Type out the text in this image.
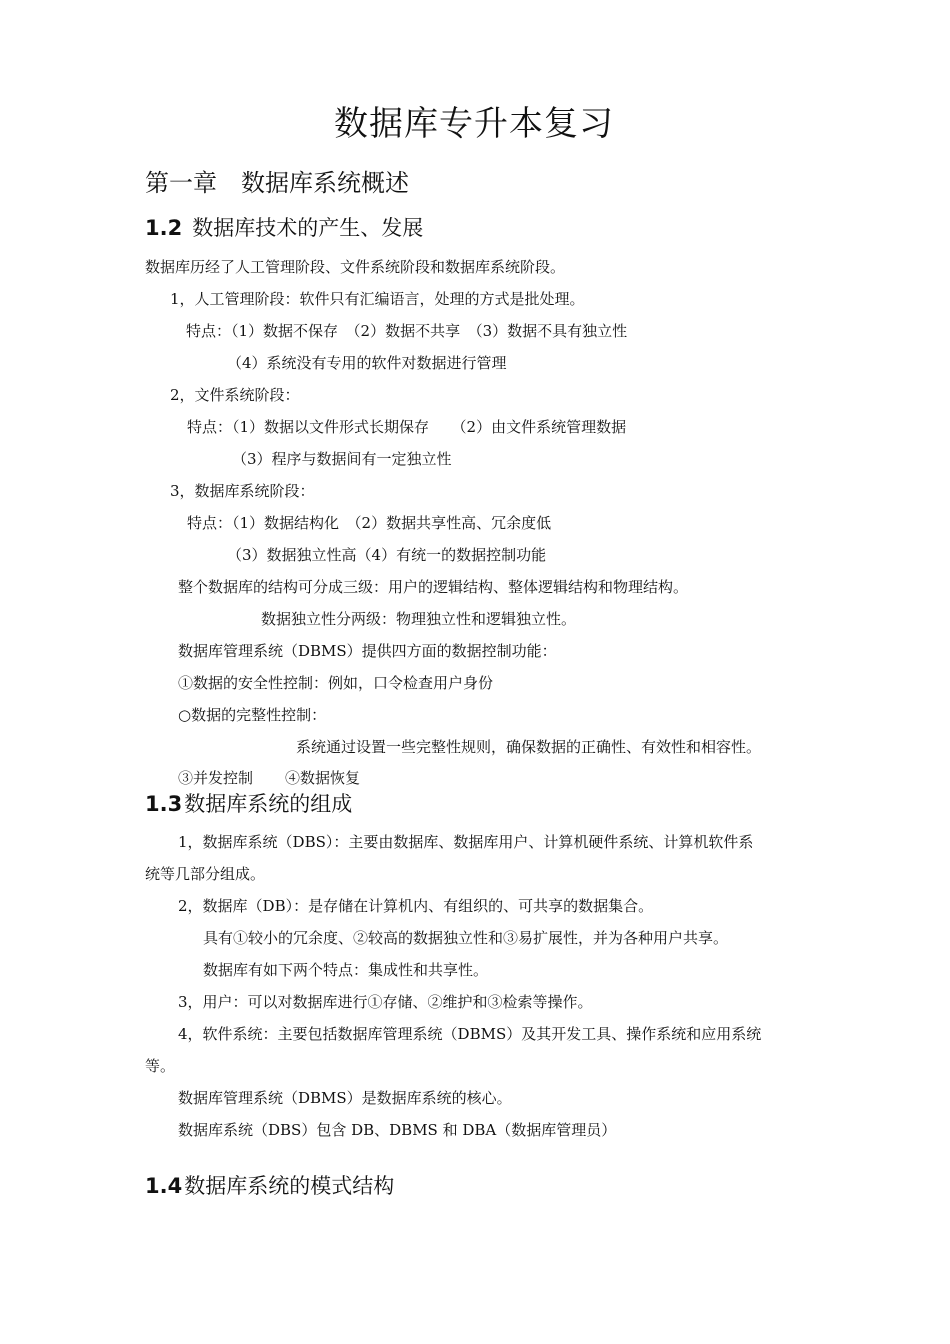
数据库专升本复习
第一章　数据库系统概述
1.2 数据库技术的产生、发展
数据库历经了人工管理阶段、文件系统阶段和数据库系统阶段。
1，人工管理阶段：软件只有汇编语言，处理的方式是批处理。
特点：（1）数据不保存　（2）数据不共享　（3）数据不具有独立性
（4）系统没有专用的软件对数据进行管理
2，文件系统阶段：
特点：（1）数据以文件形式长期保存　　（2）由文件系统管理数据
（3）程序与数据间有一定独立性
3，数据库系统阶段：
特点：（1）数据结构化　（2）数据共享性高、冗余度低
（3）数据独立性高（4）有统一的数据控制功能
整个数据库的结构可分成三级：用户的逻辑结构、整体逻辑结构和物理结构。
数据独立性分两级：物理独立性和逻辑独立性。
数据库管理系统（DBMS）提供四方面的数据控制功能：
①数据的安全性控制：例如，口令检查用户身份
○数据的完整性控制：
系统通过设置一些完整性规则，确保数据的正确性、有效性和相容性。
③并发控制 ④数据恢复
1.3数据库系统的组成
1，数据库系统（DBS）：主要由数据库、数据库用户、计算机硬件系统、计算机软件系
统等几部分组成。
2，数据库（DB）：是存储在计算机内、有组织的、可共享的数据集合。
具有①较小的冗余度、②较高的数据独立性和③易扩展性，并为各种用户共享。
数据库有如下两个特点：集成性和共享性。
3，用户：可以对数据库进行①存储、②维护和③检索等操作。
4，软件系统：主要包括数据库管理系统（DBMS）及其开发工具、操作系统和应用系统
等。
数据库管理系统（DBMS）是数据库系统的核心。
数据库系统（DBS）包含 DB、DBMS 和 DBA（数据库管理员）
1.4数据库系统的模式结构
